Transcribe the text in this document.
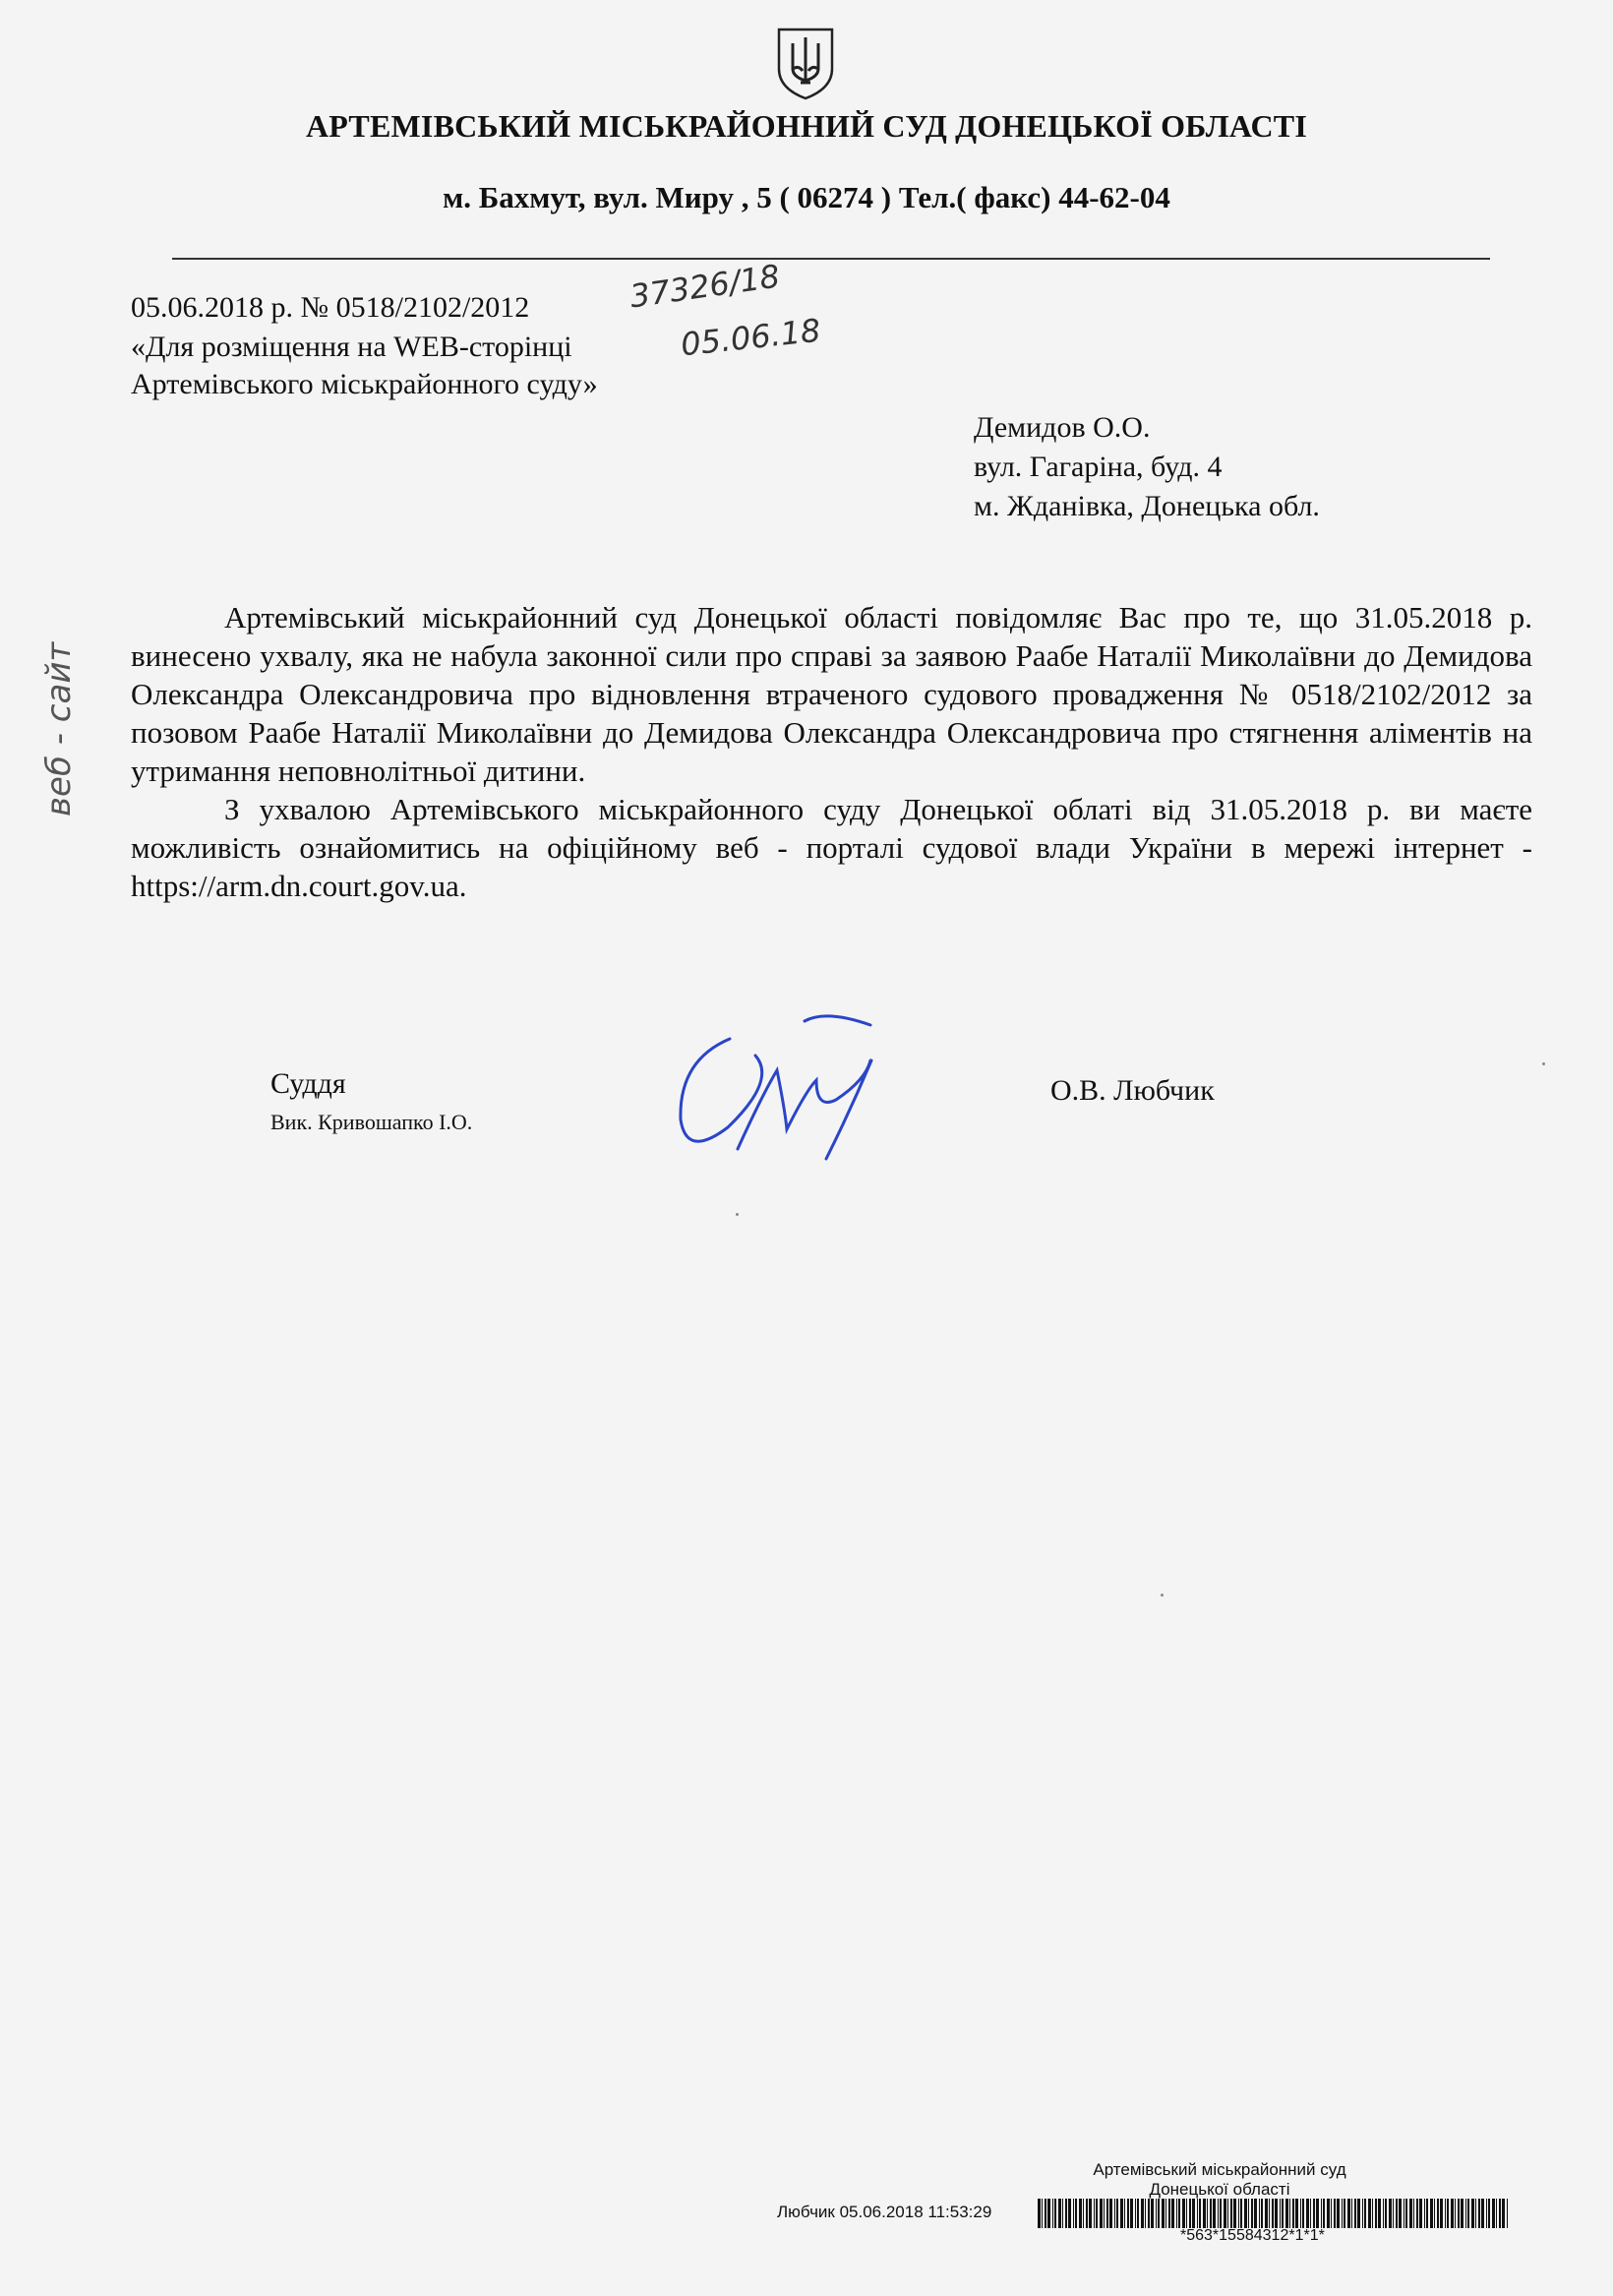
АРТЕМІВСЬКИЙ МІСЬКРАЙОННИЙ СУД ДОНЕЦЬКОЇ ОБЛАСТІ
м. Бахмут, вул. Миру , 5 ( 06274 ) Тел.( факс) 44-62-04
05.06.2018 р. № 0518/2102/2012
«Для розміщення на WEB-сторінці
Артемівського міськрайонного суду»
37326/18
05.06.18
веб - сайт
Демидов О.О.
вул. Гагаріна, буд. 4
м. Жданівка, Донецька обл.

Артемівський міськрайонний суд Донецької області повідомляє Вас про те, що 31.05.2018 р. винесено ухвалу, яка не набула законної сили про справі за заявою Раабе Наталії Миколаївни до Демидова Олександра Олександровича про відновлення втраченого судового провадження № 0518/2102/2012 за позовом Раабе Наталії Миколаївни до Демидова Олександра Олександровича про стягнення аліментів на утримання неповнолітньої дитини.

З ухвалою Артемівського міськрайонного суду Донецької облаті від 31.05.2018 р. ви маєте можливість ознайомитись на офіційному веб - порталі судової влади України в мережі інтернет - https://arm.dn.court.gov.ua.

Суддя
Вик. Кривошапко І.О.
О.В. Любчик
Артемівський міськрайонний суд
Донецької області
Любчик 05.06.2018 11:53:29
*563*15584312*1*1*
